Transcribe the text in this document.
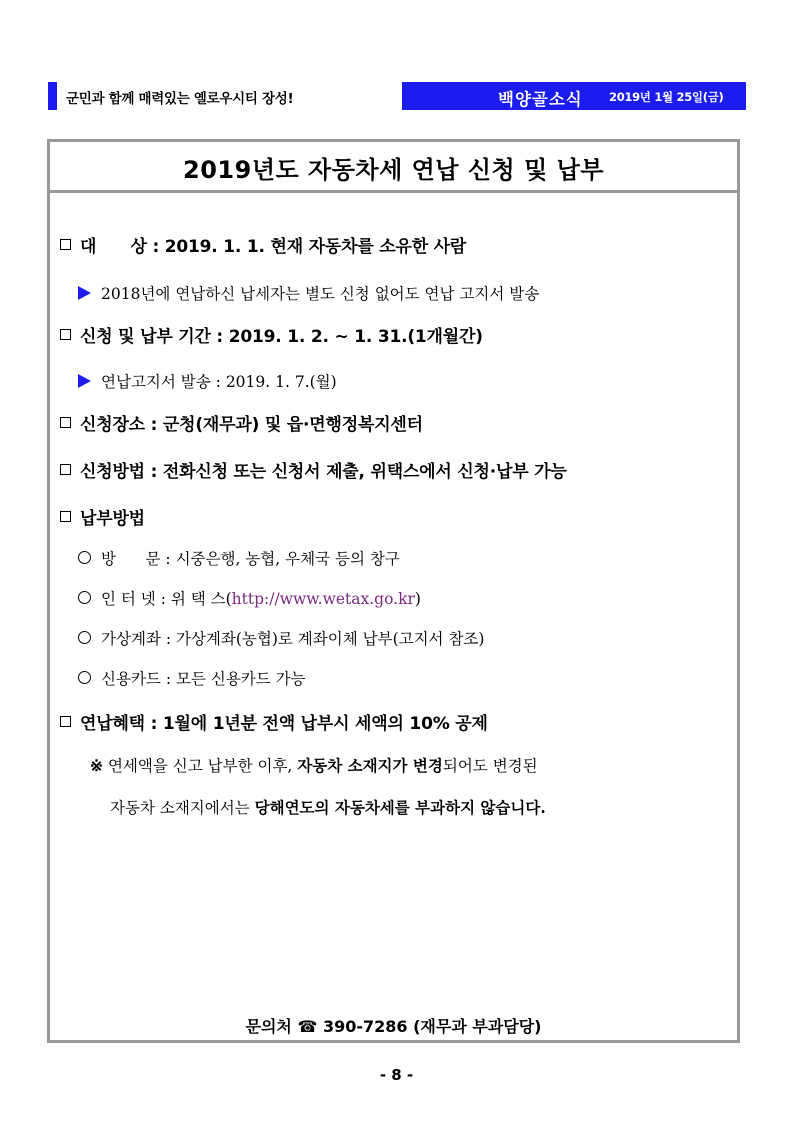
군민과 함께 매력있는 옐로우시티 장성!	백양골소식 2019년 1월 25일(금)
2019년도 자동차세 연납 신청 및 납부
대      상 : 2019. 1. 1. 현재 자동차를 소유한 사람
2018년에 연납하신 납세자는 별도 신청 없어도 연납 고지서 발송
신청 및 납부 기간 : 2019. 1. 2. ~ 1. 31.(1개월간)
연납고지서 발송 : 2019. 1. 7.(월)
신청장소 : 군청(재무과) 및 읍·면행정복지센터
신청방법 : 전화신청 또는 신청서 제출, 위택스에서 신청·납부 가능
납부방법
방      문 : 시중은행, 농협, 우체국 등의 창구
인 터 넷 : 위 택 스(http://www.wetax.go.kr)
가상계좌 : 가상계좌(농협)로 계좌이체 납부(고지서 참조)
신용카드 : 모든 신용카드 가능
연납혜택 : 1월에 1년분 전액 납부시 세액의 10% 공제
※ 연세액을 신고 납부한 이후, 자동차 소재지가 변경되어도 변경된
자동차 소재지에서는 당해연도의 자동차세를 부과하지 않습니다.
문의처 ☎ 390-7286 (재무과 부과담당)
- 8 -
